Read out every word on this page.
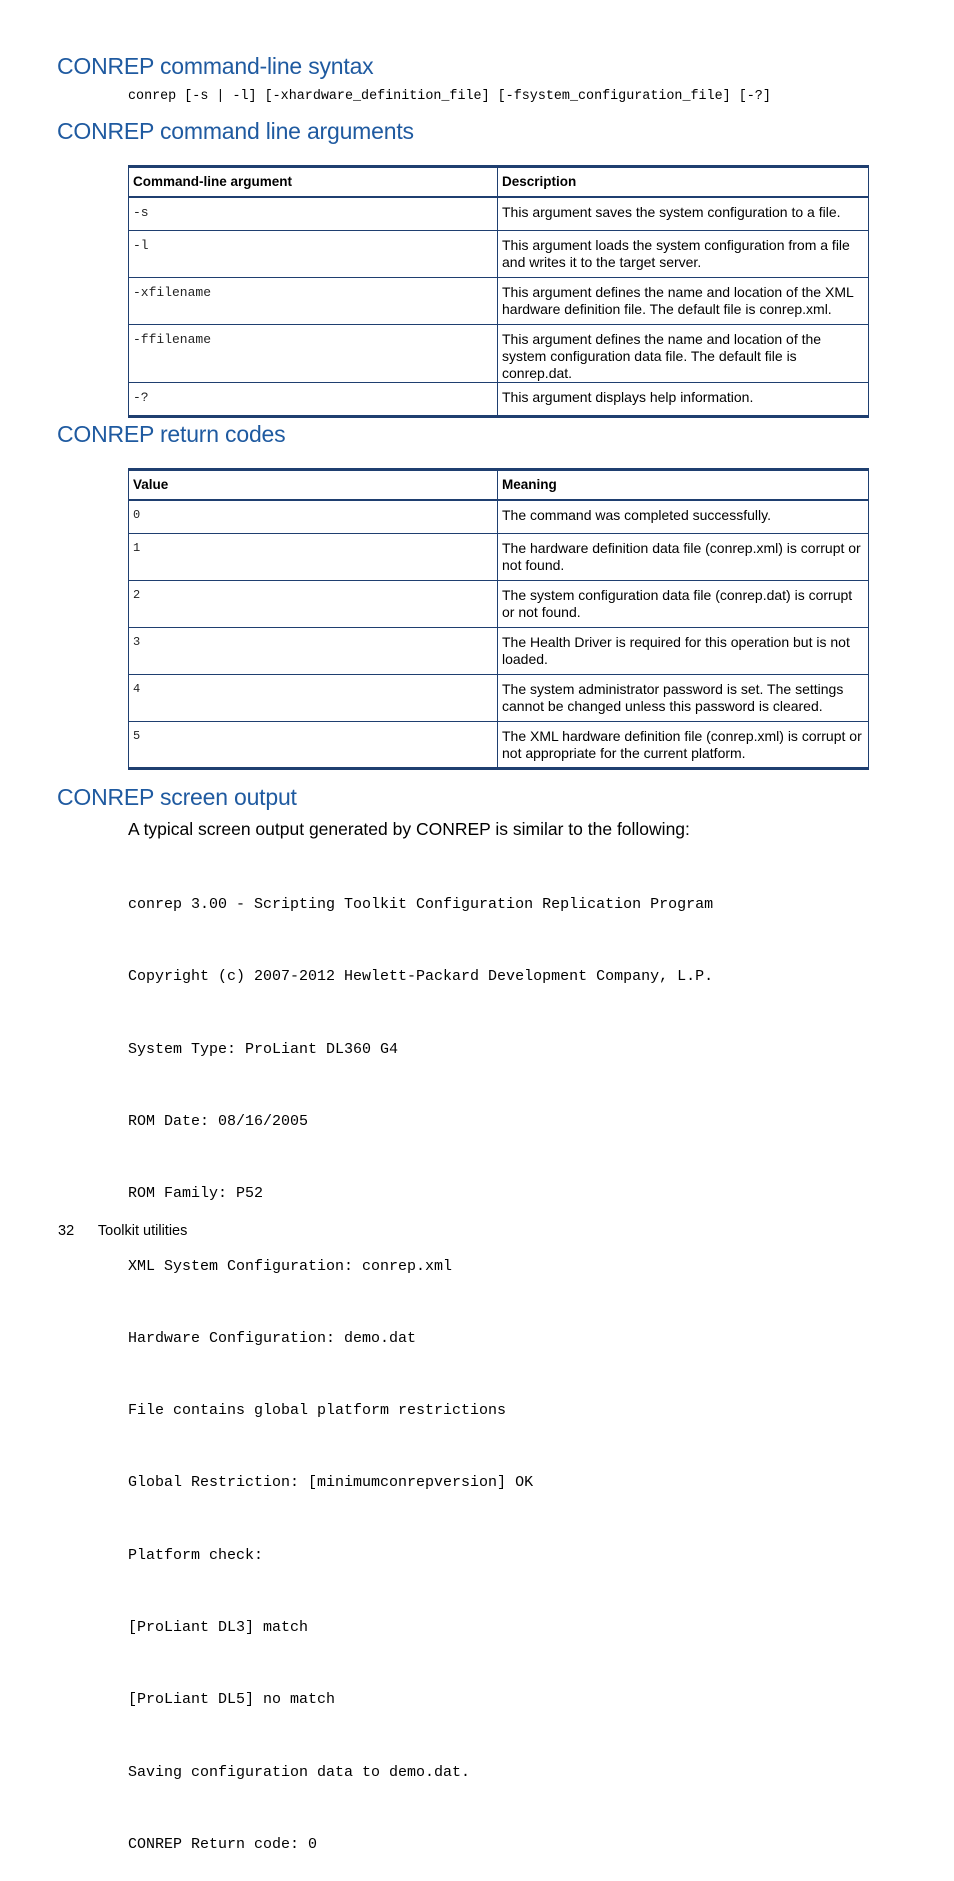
CONREP command-line syntax
conrep [-s | -l] [-xhardware_definition_file] [-fsystem_configuration_file] [-?]
CONREP command line arguments
Command-line argument	Description
-s	This argument saves the system configuration to a file.
-l	This argument loads the system configuration from a file and writes it to the target server.
-xfilename	This argument defines the name and location of the XML hardware definition file. The default file is conrep.xml.
-ffilename	This argument defines the name and location of the system configuration data file. The default file is conrep.dat.
-?	This argument displays help information.
CONREP return codes
Value	Meaning
0	The command was completed successfully.
1	The hardware definition data file (conrep.xml) is corrupt or not found.
2	The system configuration data file (conrep.dat) is corrupt or not found.
3	The Health Driver is required for this operation but is not loaded.
4	The system administrator password is set. The settings cannot be changed unless this password is cleared.
5	The XML hardware definition file (conrep.xml) is corrupt or not appropriate for the current platform.
CONREP screen output
A typical screen output generated by CONREP is similar to the following:

conrep 3.00 - Scripting Toolkit Configuration Replication Program

Copyright (c) 2007-2012 Hewlett-Packard Development Company, L.P.

System Type: ProLiant DL360 G4

ROM Date: 08/16/2005

ROM Family: P52

XML System Configuration: conrep.xml

Hardware Configuration: demo.dat

File contains global platform restrictions

Global Restriction: [minimumconrepversion] OK

Platform check:

[ProLiant DL3] match

[ProLiant DL5] no match

Saving configuration data to demo.dat.

CONREP Return code: 0

32 Toolkit utilities
